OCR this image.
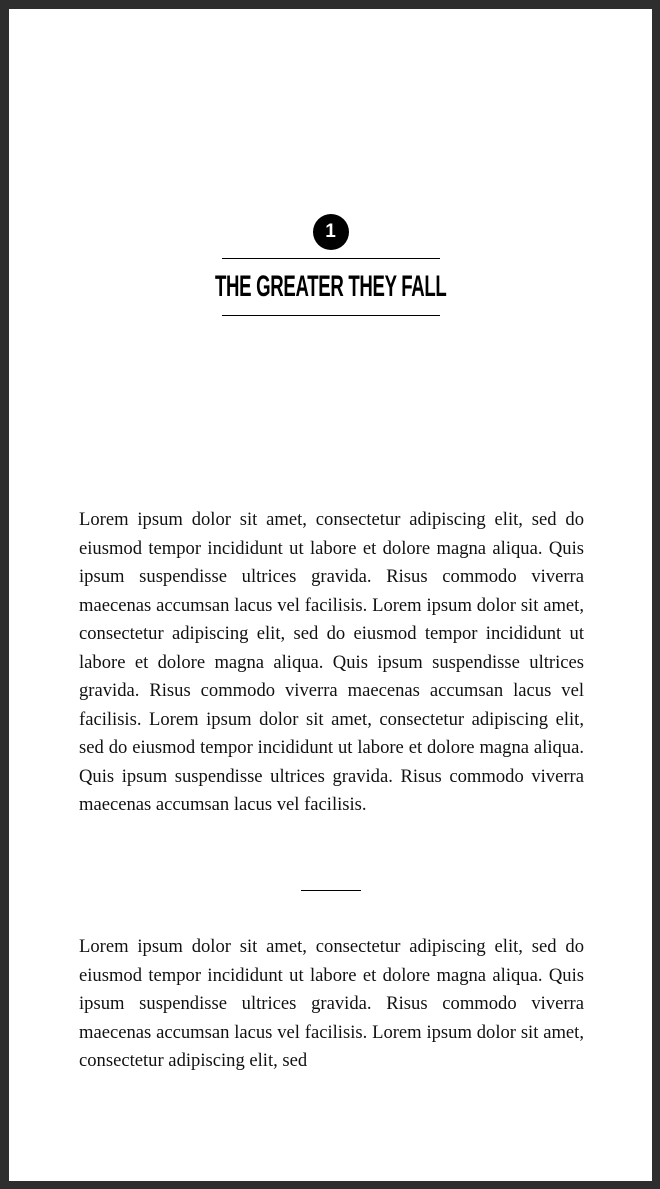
1
THE GREATER THEY FALL

Lorem ipsum dolor sit amet, consectetur adipiscing elit, sed do eiusmod tempor incididunt ut labore et dolore magna aliqua. Quis ipsum suspendisse ultrices gravida. Risus commodo viverra maecenas accumsan lacus vel facilisis. Lorem ipsum dolor sit amet, consectetur adipiscing elit, sed do eiusmod tempor incididunt ut labore et dolore magna aliqua. Quis ipsum suspendisse ultrices gravida. Risus commodo viverra maecenas accumsan lacus vel facilisis. Lorem ipsum dolor sit amet, consectetur adipiscing elit, sed do eiusmod tempor incididunt ut labore et dolore magna aliqua. Quis ipsum suspendisse ultrices gravida. Risus commodo viverra maecenas accumsan lacus vel facilisis.

Lorem ipsum dolor sit amet, consectetur adipiscing elit, sed do eiusmod tempor incididunt ut labore et dolore magna aliqua. Quis ipsum suspendisse ultrices gravida. Risus commodo viverra maecenas accumsan lacus vel facilisis. Lorem ipsum dolor sit amet, consectetur adipiscing elit, sed
